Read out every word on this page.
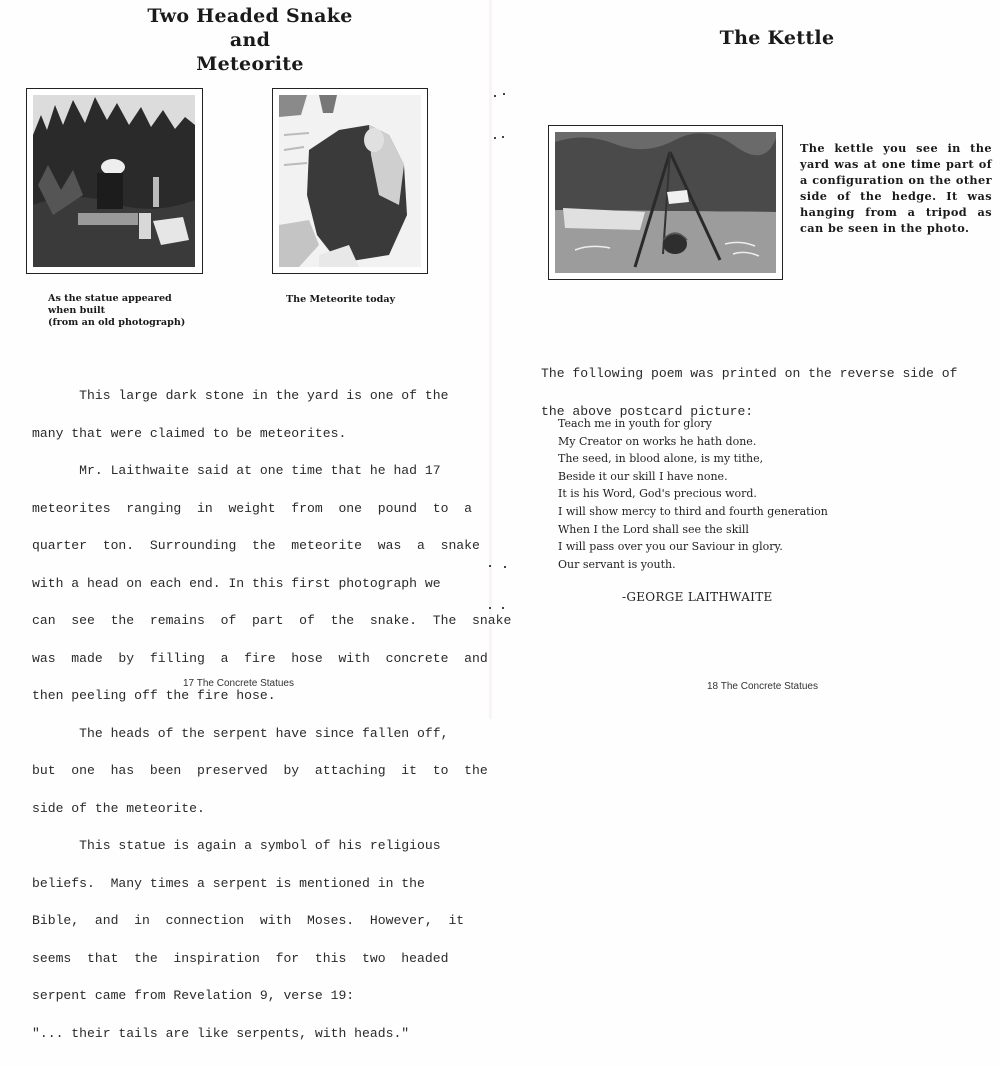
Two Headed Snake
and
Meteorite
As the statue appeared
when built
(from an old photograph)
The Meteorite today

This large dark stone in the yard is one of the

many that were claimed to be meteorites.

Mr. Laithwaite said at one time that he had 17

meteorites  ranging  in  weight  from  one  pound  to  a

quarter  ton.  Surrounding  the  meteorite  was  a  snake

with a head on each end. In this first photograph we

can  see  the  remains  of  part  of  the  snake.  The  snake

was  made  by  filling  a  fire  hose  with  concrete  and

then peeling off the fire hose.

The heads of the serpent have since fallen off,

but  one  has  been  preserved  by  attaching  it  to  the

side of the meteorite.

This statue is again a symbol of his religious

beliefs.  Many times a serpent is mentioned in the

Bible,  and  in  connection  with  Moses.  However,  it

seems  that  the  inspiration  for  this  two  headed

serpent came from Revelation 9, verse 19:

"... their tails are like serpents, with heads."

17 The Concrete Statues
The Kettle
The kettle you see in the yard was at one time part of a configuration on the other side of the hedge. It was hanging from a tripod as can be seen in the photo.

The following poem was printed on the reverse side of

the above postcard picture:

Teach me in youth for glory
My Creator on works he hath done.
The seed, in blood alone, is my tithe,
Beside it our skill I have none.
It is his Word, God's precious word.
I will show mercy to third and fourth generation
When I the Lord shall see the skill
I will pass over you our Saviour in glory.
Our servant is youth.
-GEORGE LAITHWAITE
18 The Concrete Statues
